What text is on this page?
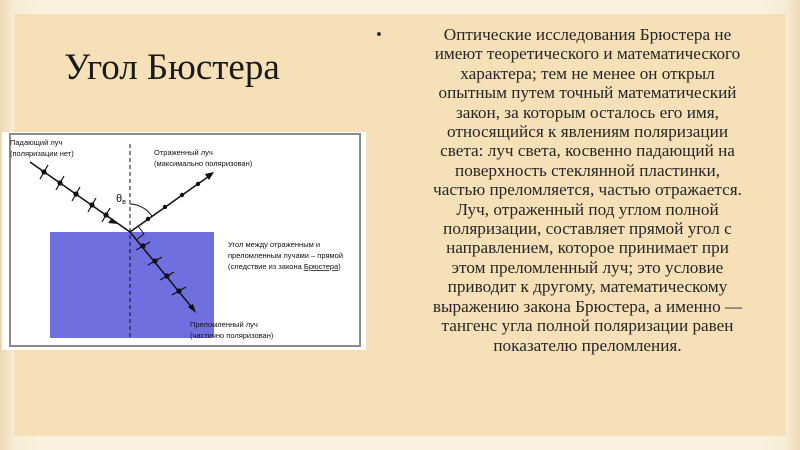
Угол Бюстера
•	Оптические исследования Брюстера не
имеют теоретического и математического
характера; тем не менее он открыл
опытным путем точный математический
закон, за которым осталось его имя,
относящийся к явлениям поляризации
света: луч света, косвенно падающий на
поверхность стеклянной пластинки,
частью преломляется, частью отражается.
Луч, отраженный под углом полной
поляризации, составляет прямой угол с
направлением, которое принимает при
этом преломленный луч; это условие
приводит к другому, математическому
выражению закона Брюстера, а именно —
тангенс угла полной поляризации равен
показателю преломления.

θв
Падающий луч
(поляризации нет)	Отраженный луч
(максимально поляризован)
Угол между отраженным и
преломленным лучами – прямой
(следствие из закона Брюстера)
Преломленный луч
(частично поляризован)
